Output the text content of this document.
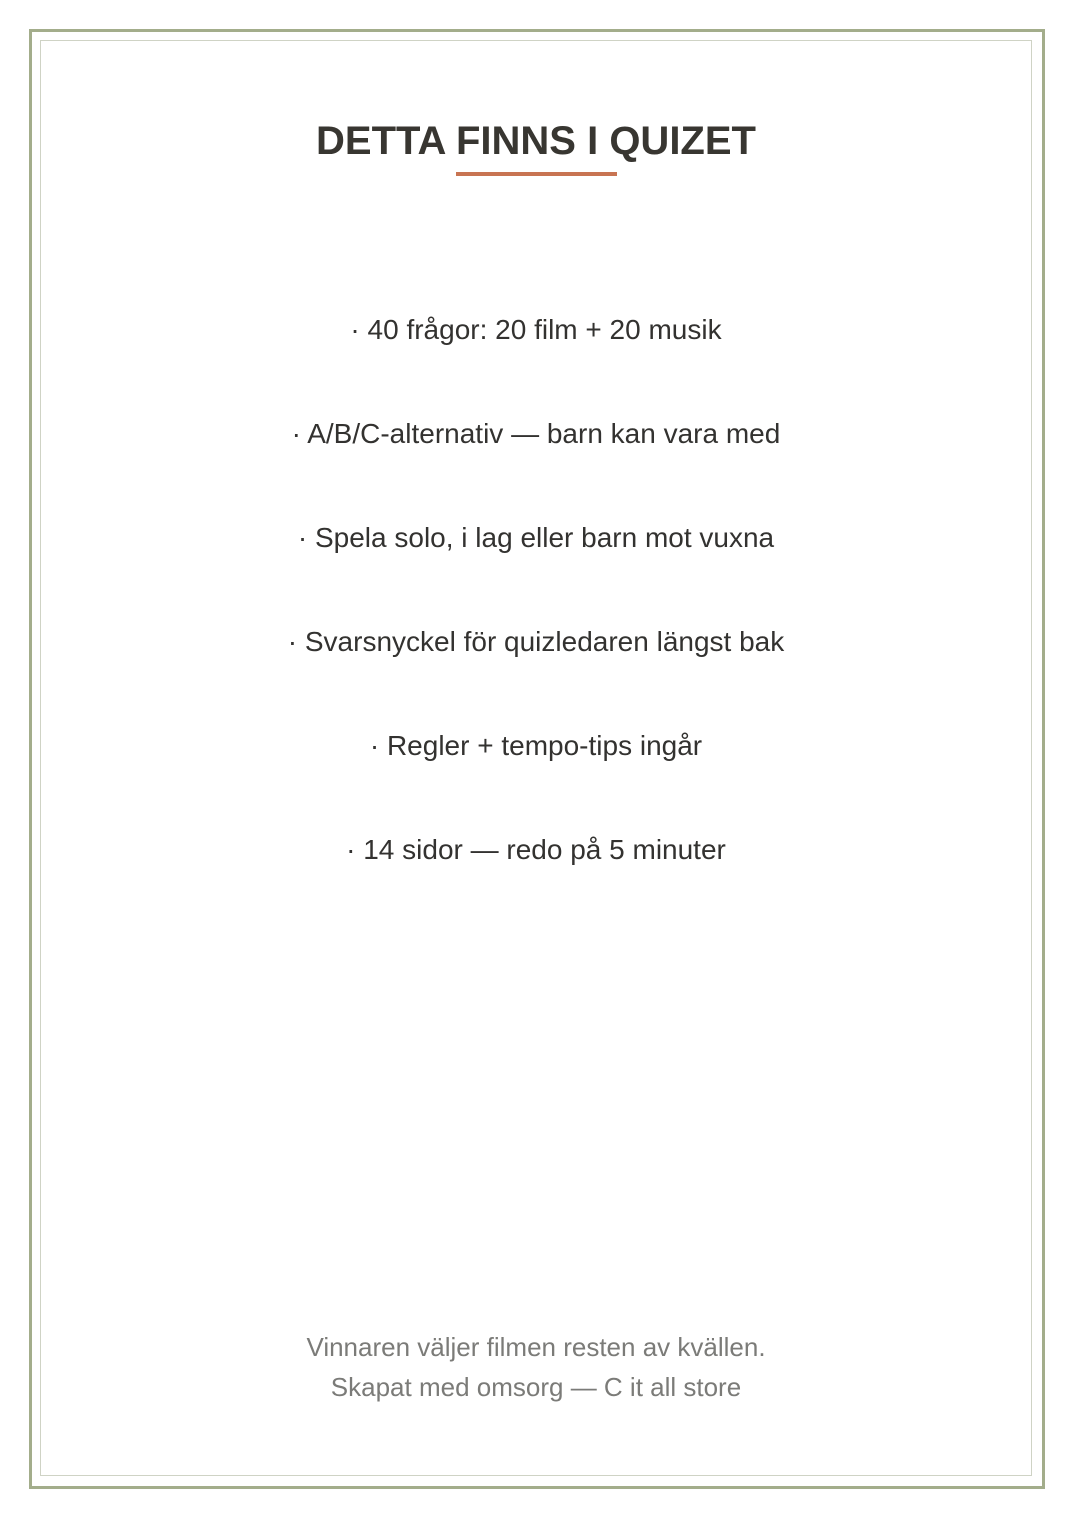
DETTA FINNS I QUIZET
· 40 frågor: 20 film + 20 musik
· A/B/C-alternativ — barn kan vara med
· Spela solo, i lag eller barn mot vuxna
· Svarsnyckel för quizledaren längst bak
· Regler + tempo-tips ingår
· 14 sidor — redo på 5 minuter
Vinnaren väljer filmen resten av kvällen.
Skapat med omsorg — C it all store
